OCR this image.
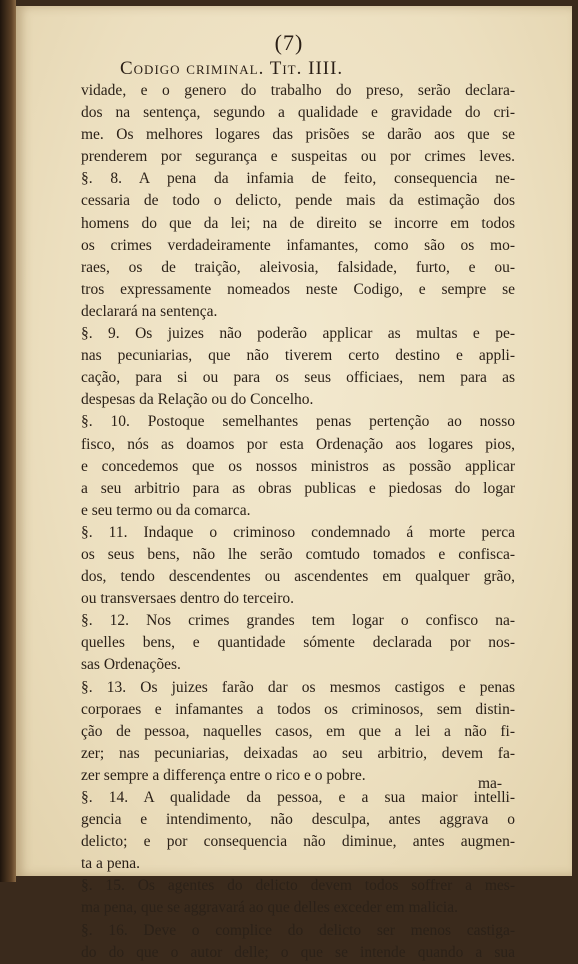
(7)
Codigo criminal. Tit. IIII.
vidade, e o genero do trabalho do preso, serão declara-
dos na sentença, segundo a qualidade e gravidade do cri-
me. Os melhores logares das prisões se darão aos que se
prenderem por segurança e suspeitas ou por crimes leves.
§. 8. A pena da infamia de feito, consequencia ne-
cessaria de todo o delicto, pende mais da estimação dos
homens do que da lei; na de direito se incorre em todos
os crimes verdadeiramente infamantes, como são os mo-
raes, os de traição, aleivosia, falsidade, furto, e ou-
tros expressamente nomeados neste Codigo, e sempre se
declarará na sentença.
§. 9. Os juizes não poderão applicar as multas e pe-
nas pecuniarias, que não tiverem certo destino e appli-
cação, para si ou para os seus officiaes, nem para as
despesas da Relação ou do Concelho.
§. 10. Postoque semelhantes penas pertenção ao nosso
fisco, nós as doamos por esta Ordenação aos logares pios,
e concedemos que os nossos ministros as possão applicar
a seu arbitrio para as obras publicas e piedosas do logar
e seu termo ou da comarca.
§. 11. Indaque o criminoso condemnado á morte perca
os seus bens, não lhe serão comtudo tomados e confisca-
dos, tendo descendentes ou ascendentes em qualquer grão,
ou transversaes dentro do terceiro.
§. 12. Nos crimes grandes tem logar o confisco na-
quelles bens, e quantidade sómente declarada por nos-
sas Ordenações.
§. 13. Os juizes farão dar os mesmos castigos e penas
corporaes e infamantes a todos os criminosos, sem distin-
ção de pessoa, naquelles casos, em que a lei a não fi-
zer; nas pecuniarias, deixadas ao seu arbitrio, devem fa-
zer sempre a differença entre o rico e o pobre.
§. 14. A qualidade da pessoa, e a sua maior intelli-
gencia e intendimento, não desculpa, antes aggrava o
delicto; e por consequencia não diminue, antes augmen-
ta a pena.
§. 15. Os agentes do delicto devem todos soffrer a mes-
ma pena, que se aggravará ao que delles exceder em malicia.
§. 16. Deve o complice do delicto ser menos castiga-
do do que o autor delle; o que se intende quando a sua
ma-
